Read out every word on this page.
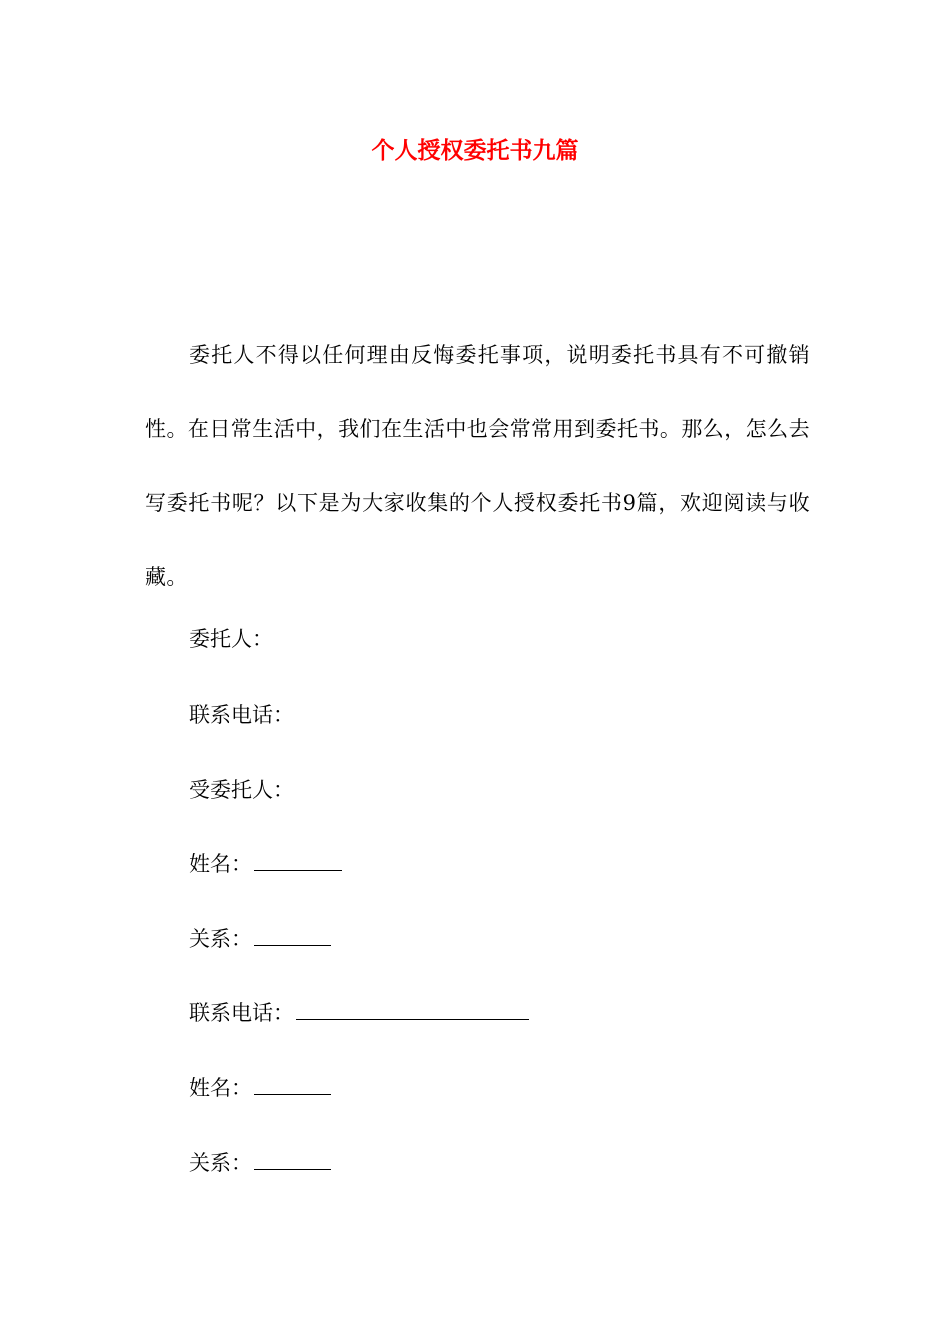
个人授权委托书九篇

委托人不得以任何理由反悔委托事项，说明委托书具有不可撤销性。在日常生活中，我们在生活中也会常常用到委托书。那么，怎么去写委托书呢？以下是为大家收集的个人授权委托书9篇，欢迎阅读与收藏。

委托人：
联系电话：
受委托人：
姓名：
关系：
联系电话：
姓名：
关系：
